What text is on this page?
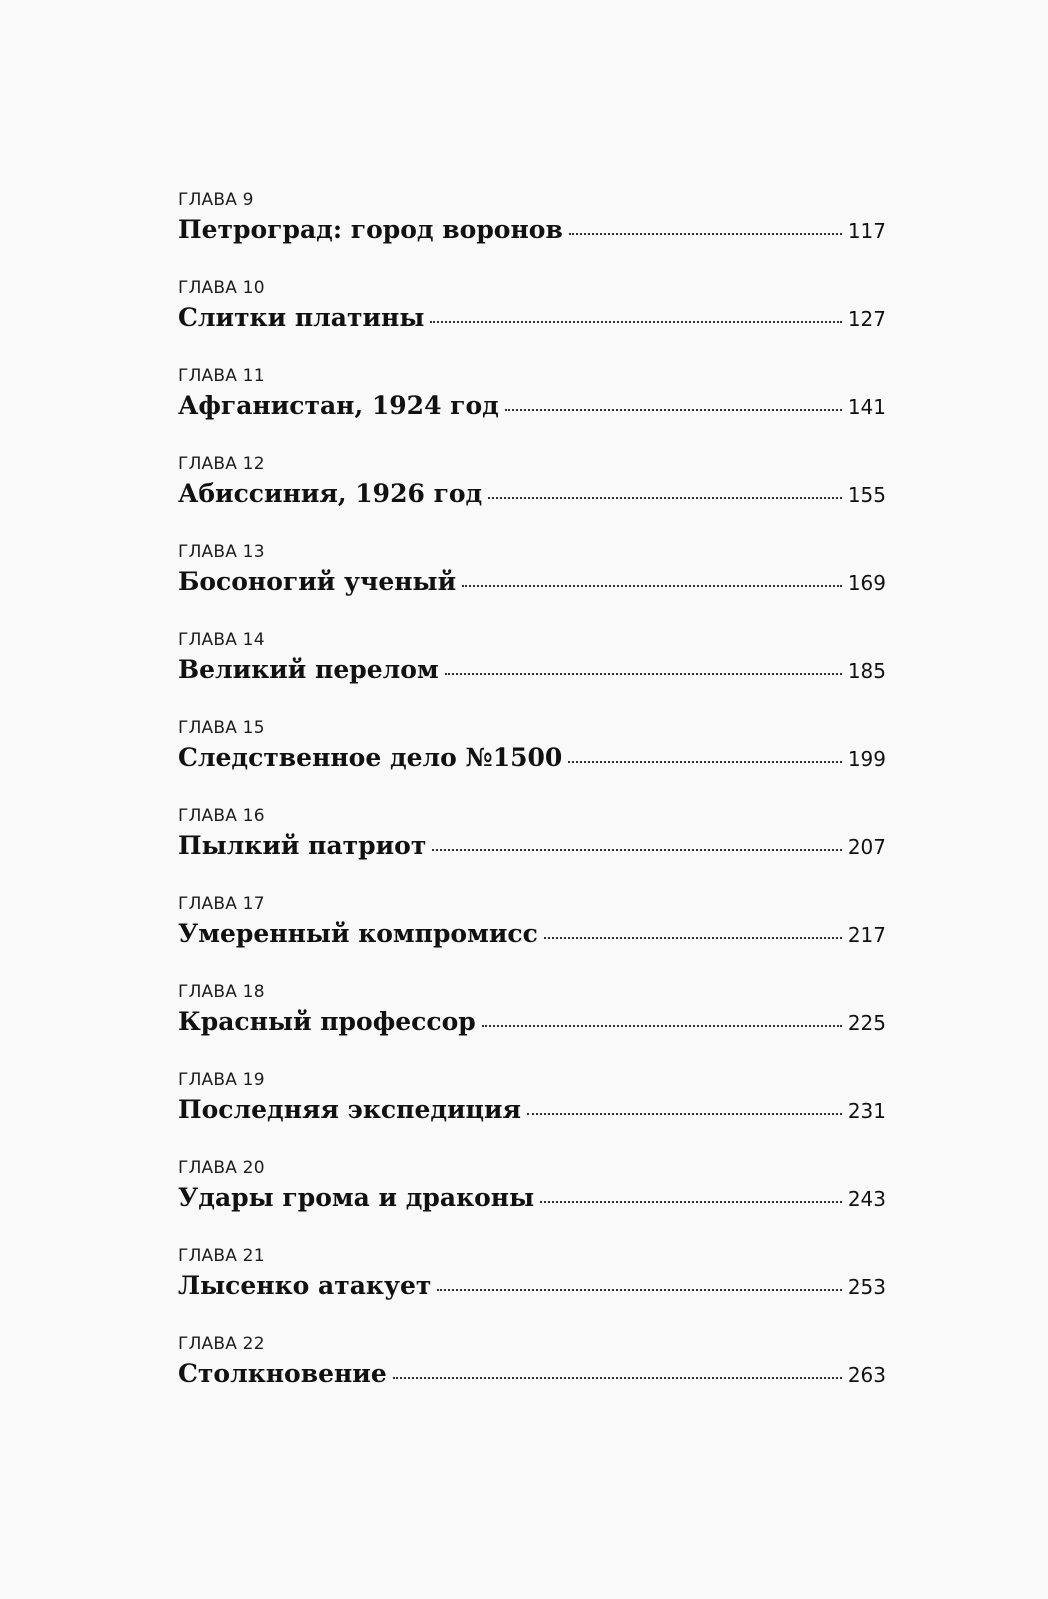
ГЛАВА 9
Петроград: город воронов	117
ГЛАВА 10
Слитки платины	127
ГЛАВА 11
Афганистан, 1924 год	141
ГЛАВА 12
Абиссиния, 1926 год	155
ГЛАВА 13
Босоногий ученый	169
ГЛАВА 14
Великий перелом	185
ГЛАВА 15
Следственное дело №1500	199
ГЛАВА 16
Пылкий патриот	207
ГЛАВА 17
Умеренный компромисс	217
ГЛАВА 18
Красный профессор	225
ГЛАВА 19
Последняя экспедиция	231
ГЛАВА 20
Удары грома и драконы	243
ГЛАВА 21
Лысенко атакует	253
ГЛАВА 22
Столкновение	263
